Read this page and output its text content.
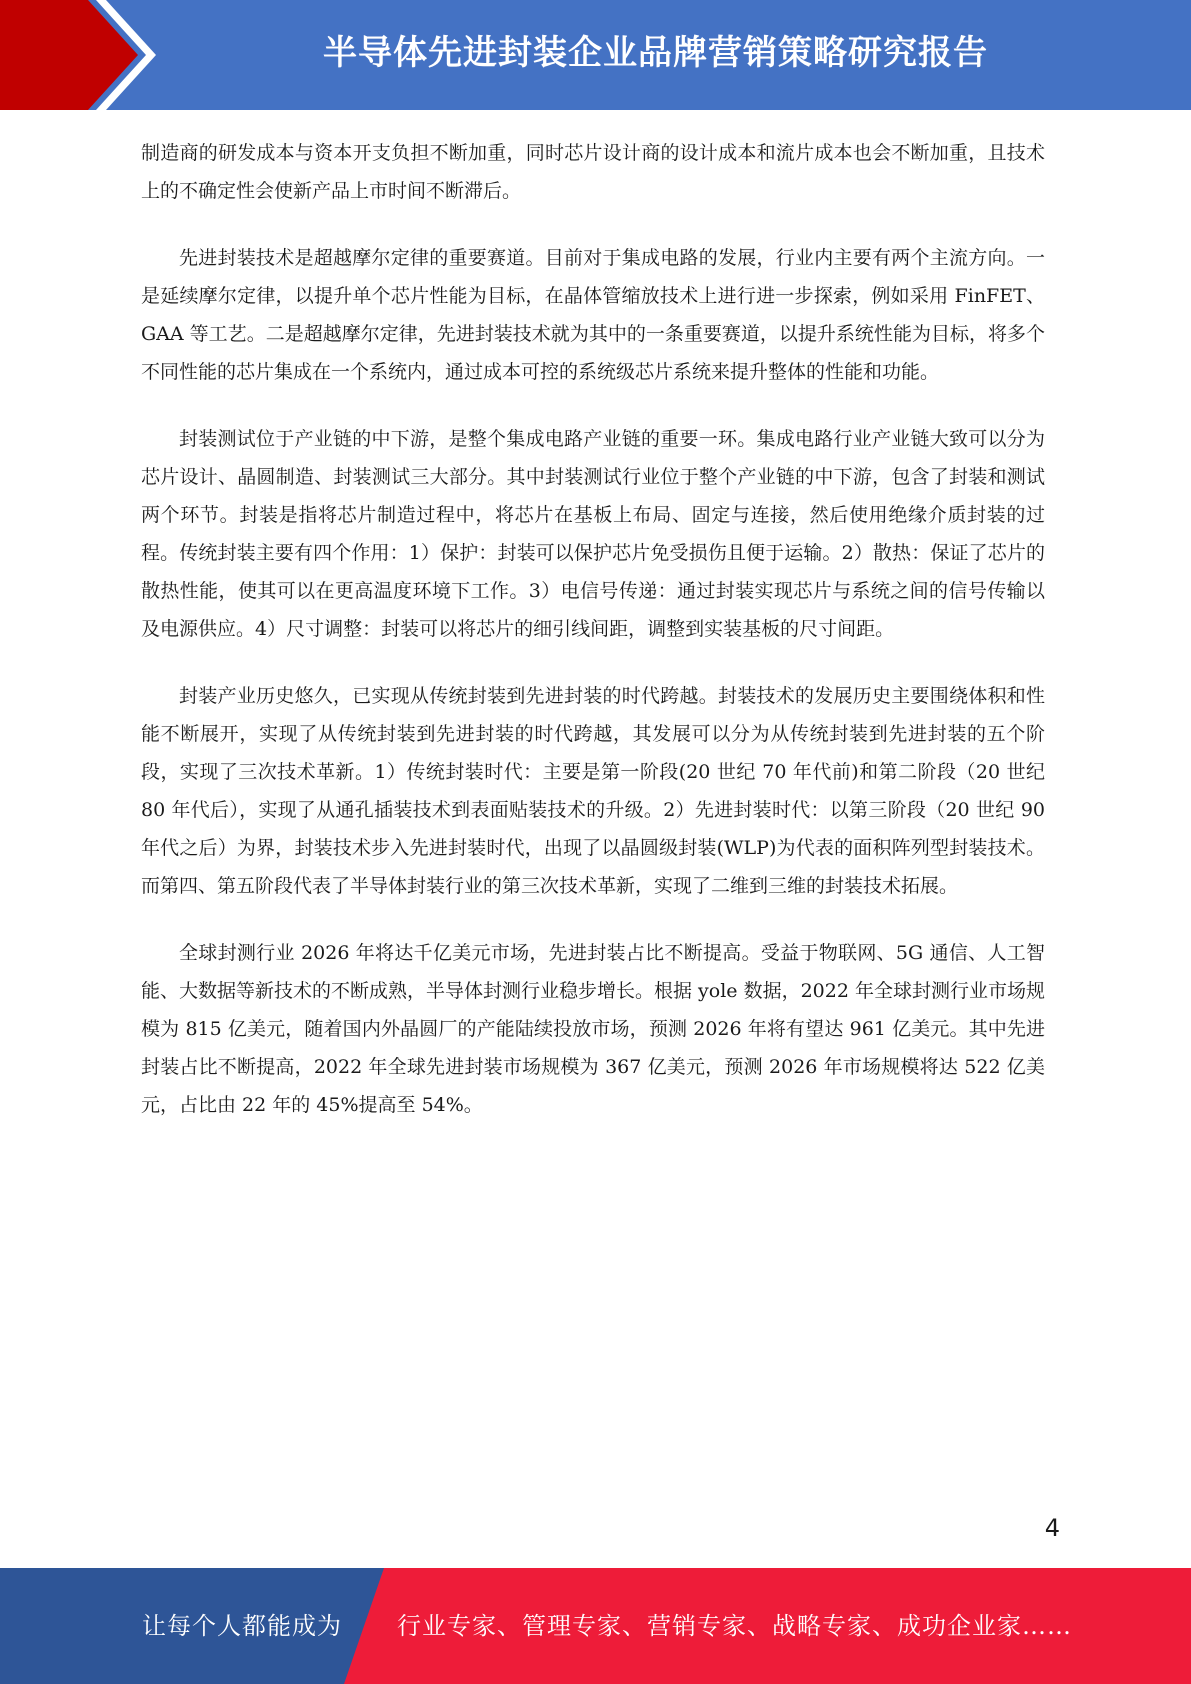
半导体先进封装企业品牌营销策略研究报告

制造商的研发成本与资本开支负担不断加重，同时芯片设计商的设计成本和流片成本也会不断加重，且技术上的不确定性会使新产品上市时间不断滞后。

先进封装技术是超越摩尔定律的重要赛道。目前对于集成电路的发展，行业内主要有两个主流方向。一是延续摩尔定律，以提升单个芯片性能为目标，在晶体管缩放技术上进行进一步探索，例如采用 FinFET、GAA 等工艺。二是超越摩尔定律，先进封装技术就为其中的一条重要赛道，以提升系统性能为目标，将多个不同性能的芯片集成在一个系统内，通过成本可控的系统级芯片系统来提升整体的性能和功能。

封装测试位于产业链的中下游，是整个集成电路产业链的重要一环。集成电路行业产业链大致可以分为芯片设计、晶圆制造、封装测试三大部分。其中封装测试行业位于整个产业链的中下游，包含了封装和测试两个环节。封装是指将芯片制造过程中，将芯片在基板上布局、固定与连接，然后使用绝缘介质封装的过程。传统封装主要有四个作用：1）保护：封装可以保护芯片免受损伤且便于运输。2）散热：保证了芯片的散热性能，使其可以在更高温度环境下工作。3）电信号传递：通过封装实现芯片与系统之间的信号传输以及电源供应。4）尺寸调整：封装可以将芯片的细引线间距，调整到实装基板的尺寸间距。

封装产业历史悠久，已实现从传统封装到先进封装的时代跨越。封装技术的发展历史主要围绕体积和性能不断展开，实现了从传统封装到先进封装的时代跨越，其发展可以分为从传统封装到先进封装的五个阶段，实现了三次技术革新。1）传统封装时代：主要是第一阶段(20 世纪 70 年代前)和第二阶段（20 世纪 80 年代后），实现了从通孔插装技术到表面贴装技术的升级。2）先进封装时代：以第三阶段（20 世纪 90 年代之后）为界，封装技术步入先进封装时代，出现了以晶圆级封装(WLP)为代表的面积阵列型封装技术。而第四、第五阶段代表了半导体封装行业的第三次技术革新，实现了二维到三维的封装技术拓展。

全球封测行业 2026 年将达千亿美元市场，先进封装占比不断提高。受益于物联网、5G 通信、人工智能、大数据等新技术的不断成熟，半导体封测行业稳步增长。根据 yole 数据，2022 年全球封测行业市场规模为 815 亿美元，随着国内外晶圆厂的产能陆续投放市场，预测 2026 年将有望达 961 亿美元。其中先进封装占比不断提高，2022 年全球先进封装市场规模为 367 亿美元，预测 2026 年市场规模将达 522 亿美元，占比由 22 年的 45%提高至 54%。

4
让每个人都能成为 行业专家、管理专家、营销专家、战略专家、成功企业家……
